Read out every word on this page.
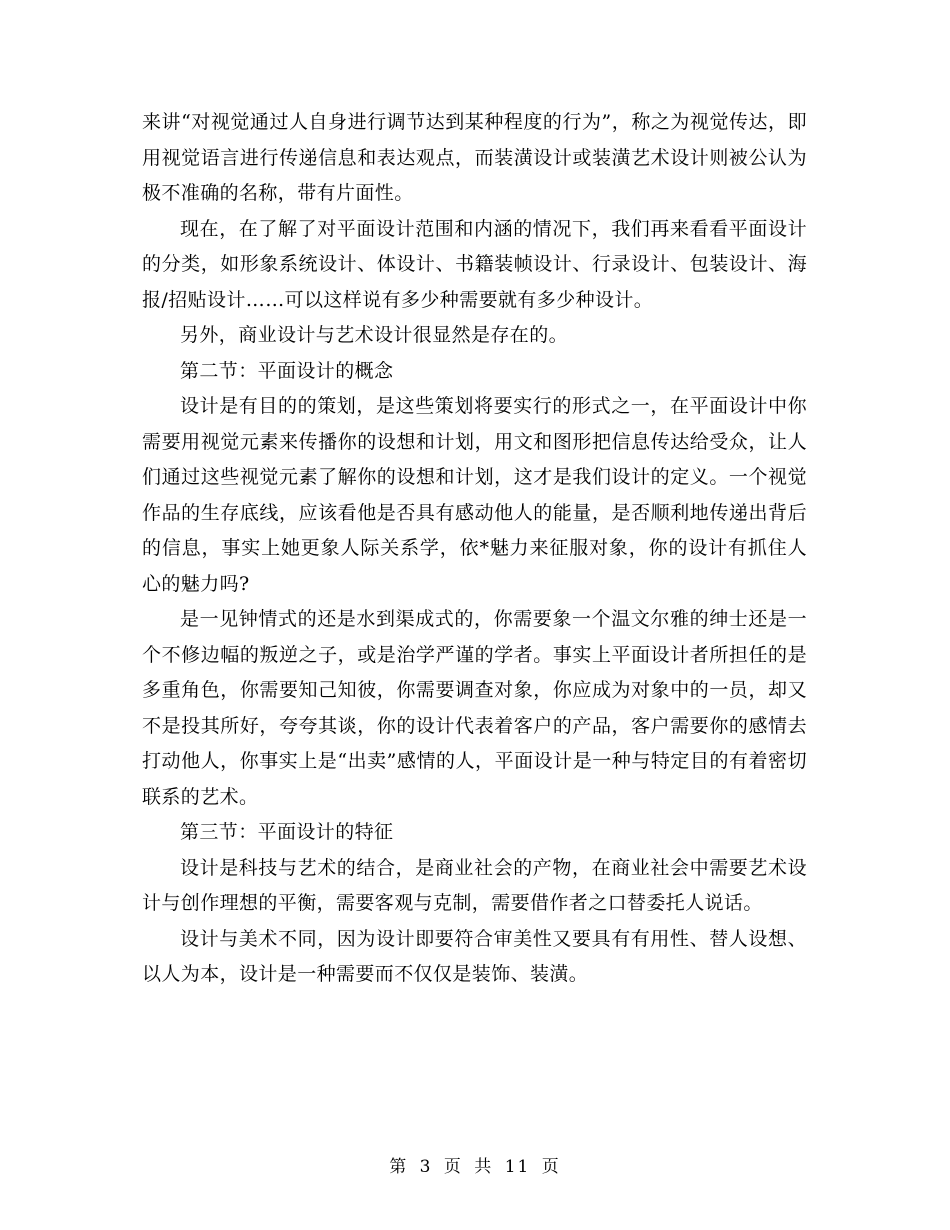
来讲“对视觉通过人自身进行调节达到某种程度的行为”，称之为视觉传达，即用视觉语言进行传递信息和表达观点，而装潢设计或装潢艺术设计则被公认为极不准确的名称，带有片面性。

现在，在了解了对平面设计范围和内涵的情况下，我们再来看看平面设计的分类，如形象系统设计、体设计、书籍装帧设计、行录设计、包装设计、海报/招贴设计……可以这样说有多少种需要就有多少种设计。

另外，商业设计与艺术设计很显然是存在的。

第二节：平面设计的概念

设计是有目的的策划，是这些策划将要实行的形式之一，在平面设计中你需要用视觉元素来传播你的设想和计划，用文和图形把信息传达给受众，让人们通过这些视觉元素了解你的设想和计划，这才是我们设计的定义。一个视觉作品的生存底线，应该看他是否具有感动他人的能量，是否顺利地传递出背后的信息，事实上她更象人际关系学，依*魅力来征服对象，你的设计有抓住人心的魅力吗?

是一见钟情式的还是水到渠成式的，你需要象一个温文尔雅的绅士还是一个不修边幅的叛逆之子，或是治学严谨的学者。事实上平面设计者所担任的是多重角色，你需要知己知彼，你需要调查对象，你应成为对象中的一员，却又不是投其所好，夸夸其谈，你的设计代表着客户的产品，客户需要你的感情去打动他人，你事实上是“出卖”感情的人，平面设计是一种与特定目的有着密切联系的艺术。

第三节：平面设计的特征

设计是科技与艺术的结合，是商业社会的产物，在商业社会中需要艺术设计与创作理想的平衡，需要客观与克制，需要借作者之口替委托人说话。

设计与美术不同，因为设计即要符合审美性又要具有有用性、替人设想、以人为本，设计是一种需要而不仅仅是装饰、装潢。

第 3 页 共 11 页
